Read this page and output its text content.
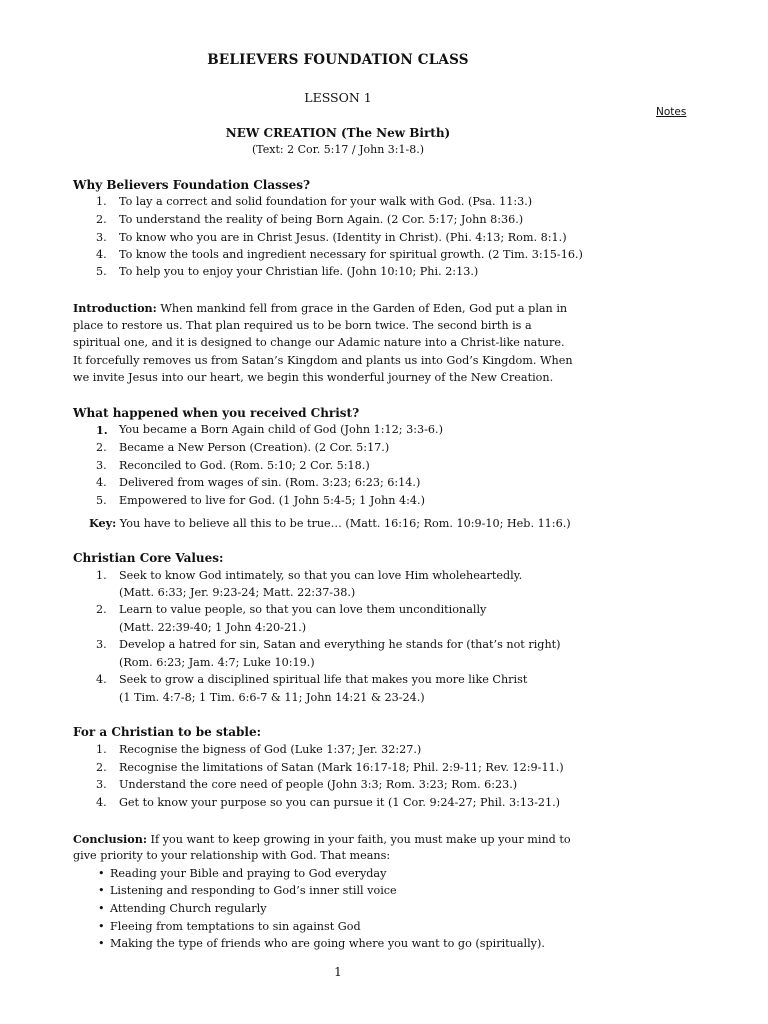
BELIEVERS FOUNDATION CLASS
LESSON 1
Notes
NEW CREATION (The New Birth)
(Text: 2 Cor. 5:17 / John 3:1-8.)
Why Believers Foundation Classes?
1. To lay a correct and solid foundation for your walk with God. (Psa. 11:3.)
2. To understand the reality of being Born Again. (2 Cor. 5:17; John 8:36.)
3. To know who you are in Christ Jesus. (Identity in Christ). (Phi. 4:13; Rom. 8:1.)
4. To know the tools and ingredient necessary for spiritual growth. (2 Tim. 3:15-16.)
5. To help you to enjoy your Christian life. (John 10:10; Phi. 2:13.)
Introduction: When mankind fell from grace in the Garden of Eden, God put a plan in
place to restore us. That plan required us to be born twice. The second birth is a
spiritual one, and it is designed to change our Adamic nature into a Christ-like nature.
It forcefully removes us from Satan’s Kingdom and plants us into God’s Kingdom. When
we invite Jesus into our heart, we begin this wonderful journey of the New Creation.
What happened when you received Christ?
1. You became a Born Again child of God (John 1:12; 3:3-6.)
2. Became a New Person (Creation). (2 Cor. 5:17.)
3. Reconciled to God. (Rom. 5:10; 2 Cor. 5:18.)
4. Delivered from wages of sin. (Rom. 3:23; 6:23; 6:14.)
5. Empowered to live for God. (1 John 5:4-5; 1 John 4:4.)
Key: You have to believe all this to be true… (Matt. 16:16; Rom. 10:9-10; Heb. 11:6.)
Christian Core Values:
1. Seek to know God intimately, so that you can love Him wholeheartedly.
(Matt. 6:33; Jer. 9:23-24; Matt. 22:37-38.)
2. Learn to value people, so that you can love them unconditionally
(Matt. 22:39-40; 1 John 4:20-21.)
3. Develop a hatred for sin, Satan and everything he stands for (that’s not right)
(Rom. 6:23; Jam. 4:7; Luke 10:19.)
4. Seek to grow a disciplined spiritual life that makes you more like Christ
(1 Tim. 4:7-8; 1 Tim. 6:6-7 & 11; John 14:21 & 23-24.)
For a Christian to be stable:
1. Recognise the bigness of God (Luke 1:37; Jer. 32:27.)
2. Recognise the limitations of Satan (Mark 16:17-18; Phil. 2:9-11; Rev. 12:9-11.)
3. Understand the core need of people (John 3:3; Rom. 3:23; Rom. 6:23.)
4. Get to know your purpose so you can pursue it (1 Cor. 9:24-27; Phil. 3:13-21.)
Conclusion: If you want to keep growing in your faith, you must make up your mind to
give priority to your relationship with God. That means:
• Reading your Bible and praying to God everyday
• Listening and responding to God’s inner still voice
• Attending Church regularly
• Fleeing from temptations to sin against God
• Making the type of friends who are going where you want to go (spiritually).
1
